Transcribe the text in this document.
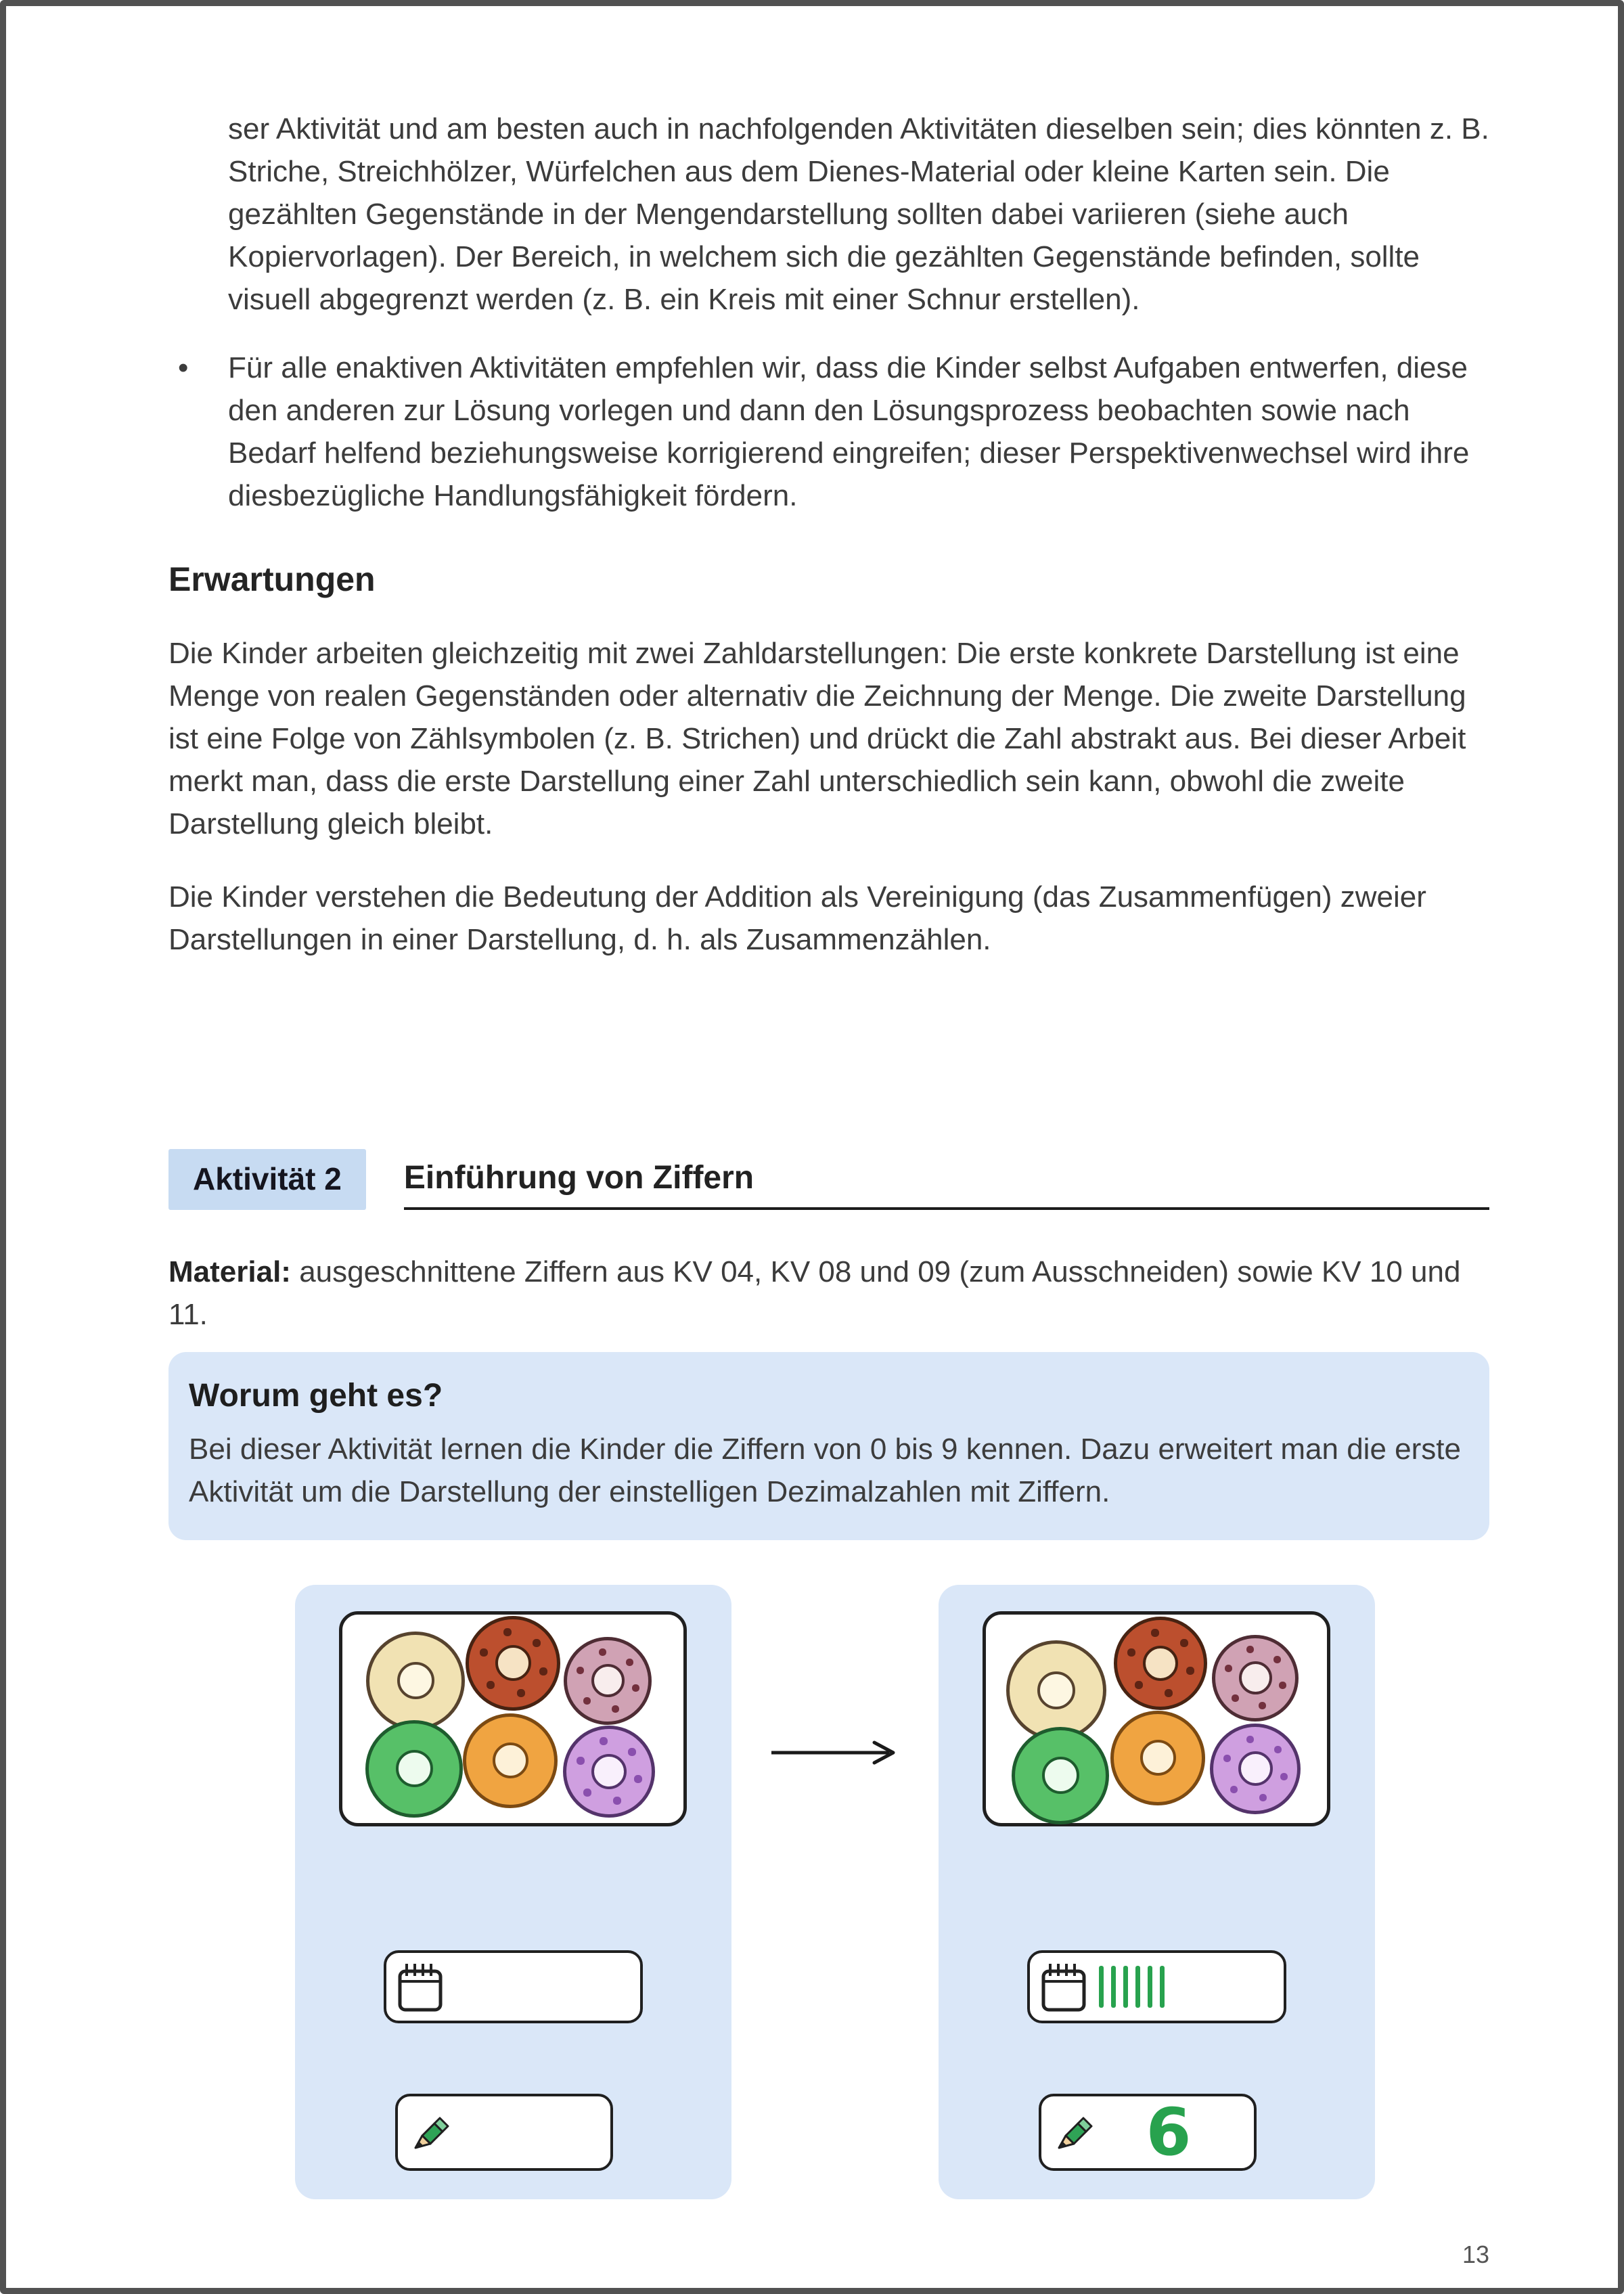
ser Aktivität und am besten auch in nachfolgenden Aktivitäten dieselben sein; dies könnten z. B. Striche, Streichhölzer, Würfelchen aus dem Dienes-Material oder kleine Karten sein. Die gezählten Gegenstände in der Mengendarstellung sollten dabei variieren (siehe auch Kopiervorlagen). Der Bereich, in welchem sich die gezählten Gegenstände befinden, sollte visuell abgegrenzt werden (z. B. ein Kreis mit einer Schnur erstellen).

•	Für alle enaktiven Aktivitäten empfehlen wir, dass die Kinder selbst Aufgaben entwerfen, diese den anderen zur Lösung vorlegen und dann den Lösungsprozess beobachten sowie nach Bedarf helfend beziehungsweise korrigierend eingreifen; dieser Perspektivenwechsel wird ihre diesbezügliche Handlungsfähigkeit fördern.

Erwartungen

Die Kinder arbeiten gleichzeitig mit zwei Zahldarstellungen: Die erste konkrete Darstellung ist eine Menge von realen Gegenständen oder alternativ die Zeichnung der Menge. Die zweite Darstellung ist eine Folge von Zählsymbolen (z. B. Strichen) und drückt die Zahl abstrakt aus. Bei dieser Arbeit merkt man, dass die erste Darstellung einer Zahl unterschiedlich sein kann, obwohl die zweite Darstellung gleich bleibt.

Die Kinder verstehen die Bedeutung der Addition als Vereinigung (das Zusammenfügen) zweier Darstellungen in einer Darstellung, d. h. als Zusammenzählen.

Aktivität 2	Einführung von Ziffern

Material: ausgeschnittene Ziffern aus KV 04, KV 08 und 09 (zum Ausschneiden) sowie KV 10 und 11.

Worum geht es?

Bei dieser Aktivität lernen die Kinder die Ziffern von 0 bis 9 kennen. Dazu erweitert man die erste Aktivität um die Darstellung der einstelligen Dezimalzahlen mit Ziffern.

6
13
